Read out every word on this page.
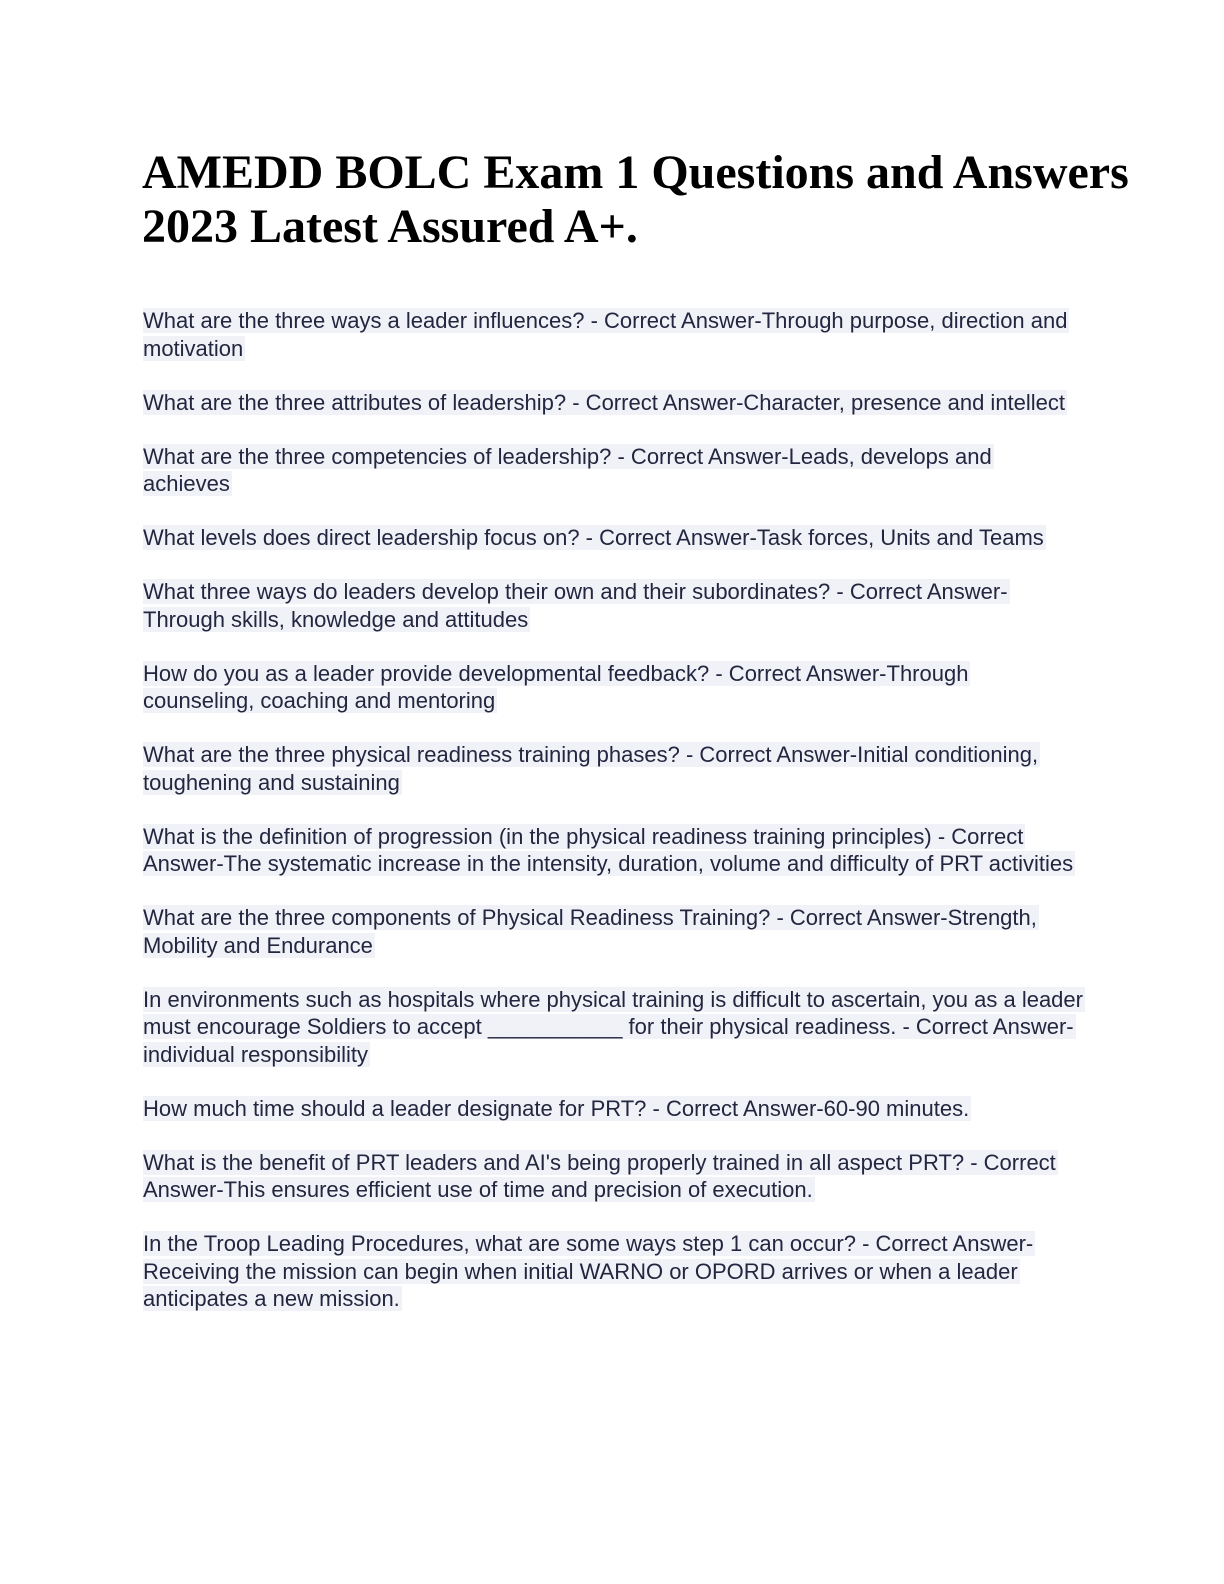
AMEDD BOLC Exam 1 Questions and Answers 2023 Latest Assured A+.
What are the three ways a leader influences? - Correct Answer-Through purpose, direction and motivation
What are the three attributes of leadership? - Correct Answer-Character, presence and intellect
What are the three competencies of leadership? - Correct Answer-Leads, develops and achieves
What levels does direct leadership focus on? - Correct Answer-Task forces, Units and Teams
What three ways do leaders develop their own and their subordinates? - Correct Answer-Through skills, knowledge and attitudes
How do you as a leader provide developmental feedback? - Correct Answer-Through counseling, coaching and mentoring
What are the three physical readiness training phases? - Correct Answer-Initial conditioning, toughening and sustaining
What is the definition of progression (in the physical readiness training principles) - Correct Answer-The systematic increase in the intensity, duration, volume and difficulty of PRT activities
What are the three components of Physical Readiness Training? - Correct Answer-Strength, Mobility and Endurance
In environments such as hospitals where physical training is difficult to ascertain, you as a leader must encourage Soldiers to accept ___________ for their physical readiness. - Correct Answer-individual responsibility
How much time should a leader designate for PRT? - Correct Answer-60-90 minutes.
What is the benefit of PRT leaders and AI's being properly trained in all aspect PRT? - Correct Answer-This ensures efficient use of time and precision of execution.
In the Troop Leading Procedures, what are some ways step 1 can occur? - Correct Answer-Receiving the mission can begin when initial WARNO or OPORD arrives or when a leader anticipates a new mission.
